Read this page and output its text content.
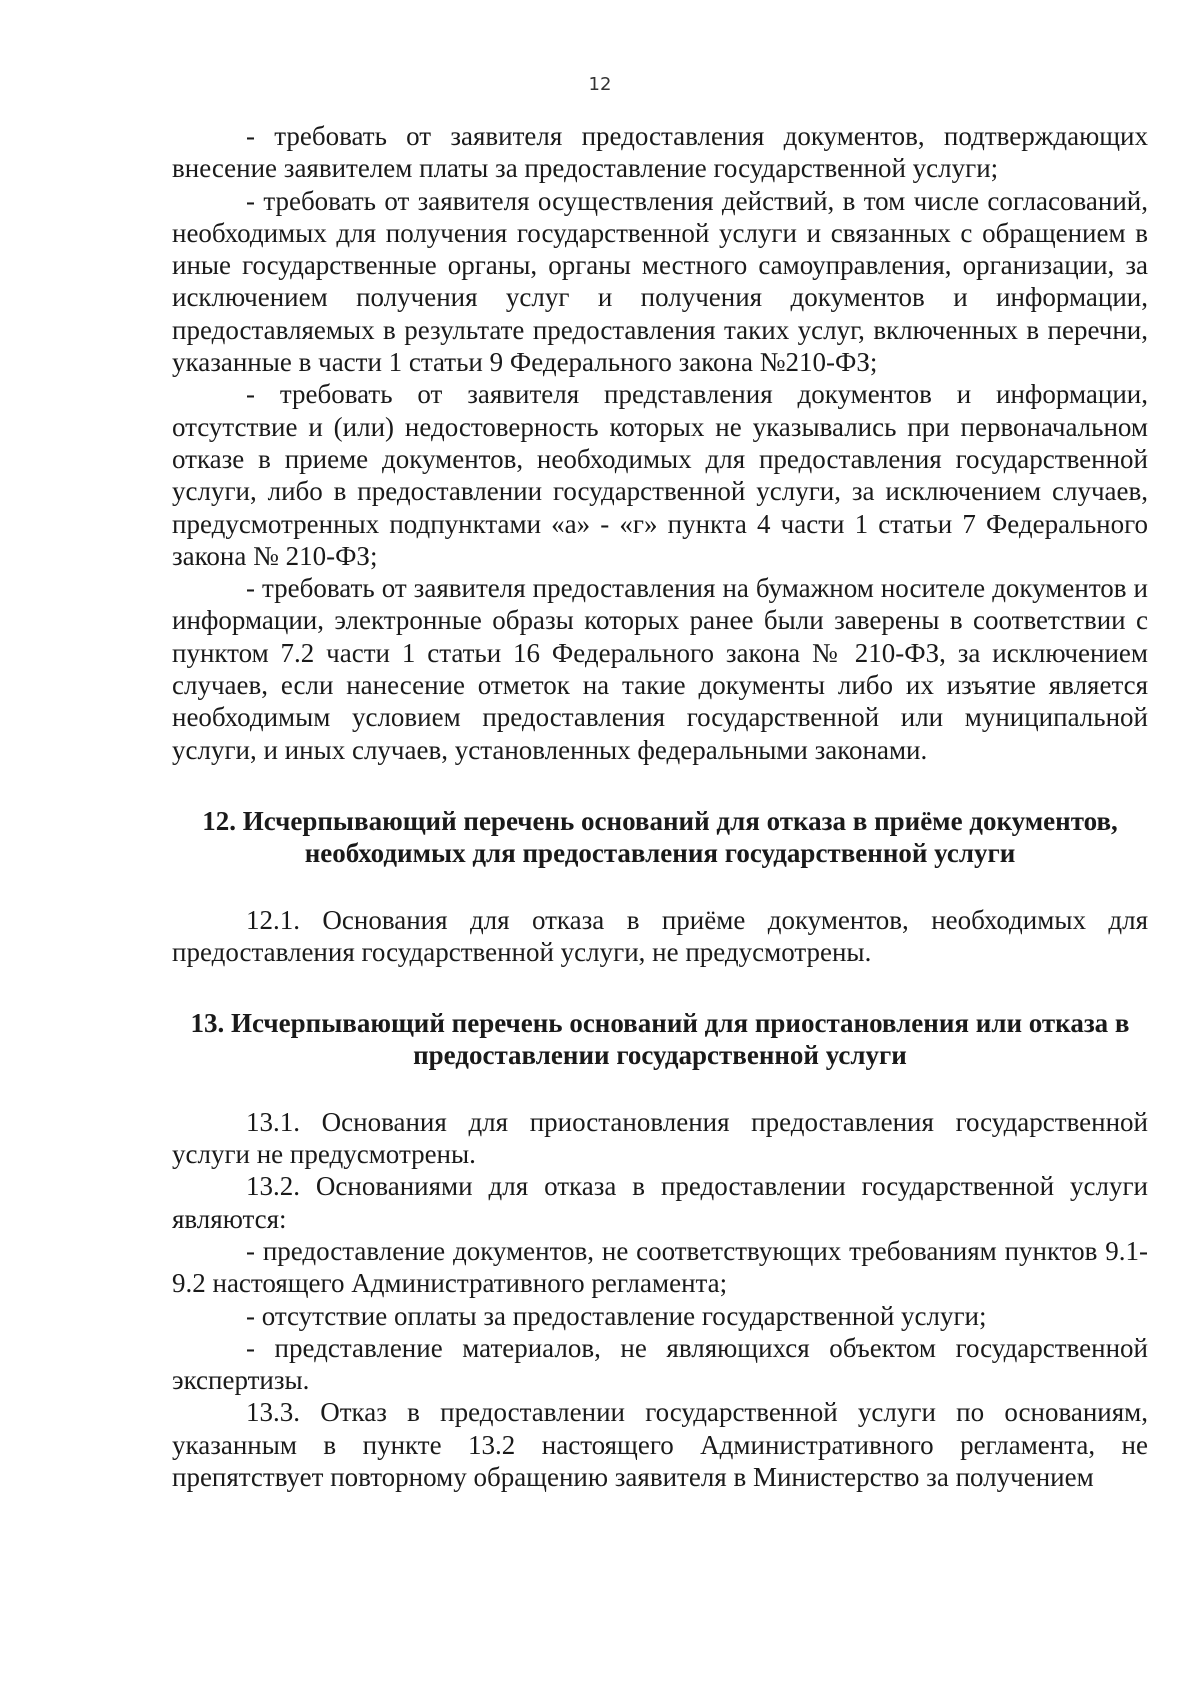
12

- требовать от заявителя предоставления документов, подтверждающих внесение заявителем платы за предоставление государственной услуги;

- требовать от заявителя осуществления действий, в том числе согласований, необходимых для получения государственной услуги и связанных с обращением в иные государственные органы, органы местного самоуправления, организации, за исключением получения услуг и получения документов и информации, предоставляемых в результате предоставления таких услуг, включенных в перечни, указанные в части 1 статьи 9 Федерального закона №210-ФЗ;

- требовать от заявителя представления документов и информации, отсутствие и (или) недостоверность которых не указывались при первоначальном отказе в приеме документов, необходимых для предоставления государственной услуги, либо в предоставлении государственной услуги, за исключением случаев, предусмотренных подпунктами «а» - «г» пункта 4 части 1 статьи 7 Федерального закона № 210-ФЗ;

- требовать от заявителя предоставления на бумажном носителе документов и информации, электронные образы которых ранее были заверены в соответствии с пунктом 7.2 части 1 статьи 16 Федерального закона № 210-ФЗ, за исключением случаев, если нанесение отметок на такие документы либо их изъятие является необходимым условием предоставления государственной или муниципальной услуги, и иных случаев, установленных федеральными законами.

12. Исчерпывающий перечень оснований для отказа в приёме документов, необходимых для предоставления государственной услуги

12.1. Основания для отказа в приёме документов, необходимых для предоставления государственной услуги, не предусмотрены.

13. Исчерпывающий перечень оснований для приостановления или отказа в предоставлении государственной услуги

13.1. Основания для приостановления предоставления государственной услуги не предусмотрены.

13.2. Основаниями для отказа в предоставлении государственной услуги являются:

- предоставление документов, не соответствующих требованиям пунктов 9.1-9.2 настоящего Административного регламента;

- отсутствие оплаты за предоставление государственной услуги;

- представление материалов, не являющихся объектом государственной экспертизы.

13.3. Отказ в предоставлении государственной услуги по основаниям, указанным в пункте 13.2 настоящего Административного регламента, не препятствует повторному обращению заявителя в Министерство за получением
